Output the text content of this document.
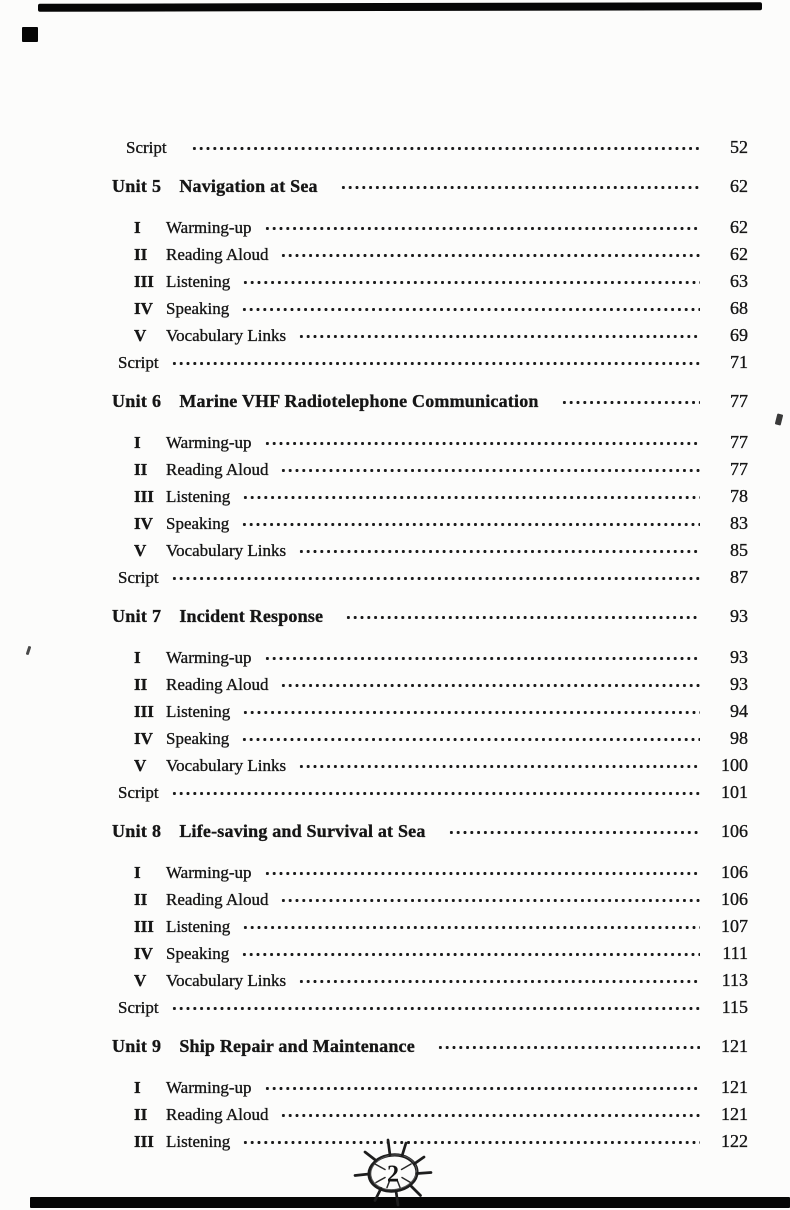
Script	52
Unit 5 Navigation at Sea	62
I	Warming-up	62
II	Reading Aloud	62
III Listening	63
IV Speaking	68
V	Vocabulary Links	69
Script	71
Unit 6 Marine VHF Radiotelephone Communication	77
I	Warming-up	77
II	Reading Aloud	77
III Listening	78
IV Speaking	83
V	Vocabulary Links	85
Script	87
Unit 7 Incident Response	93
I	Warming-up	93
II	Reading Aloud	93
III Listening	94
IV Speaking	98
V	Vocabulary Links	100
Script	101
Unit 8 Life-saving and Survival at Sea	106
I	Warming-up	106
II	Reading Aloud	106
III Listening	107
IV Speaking	111
V	Vocabulary Links	113
Script	115
Unit 9 Ship Repair and Maintenance	121
I	Warming-up	121
II	Reading Aloud	121
III Listening	122
2
